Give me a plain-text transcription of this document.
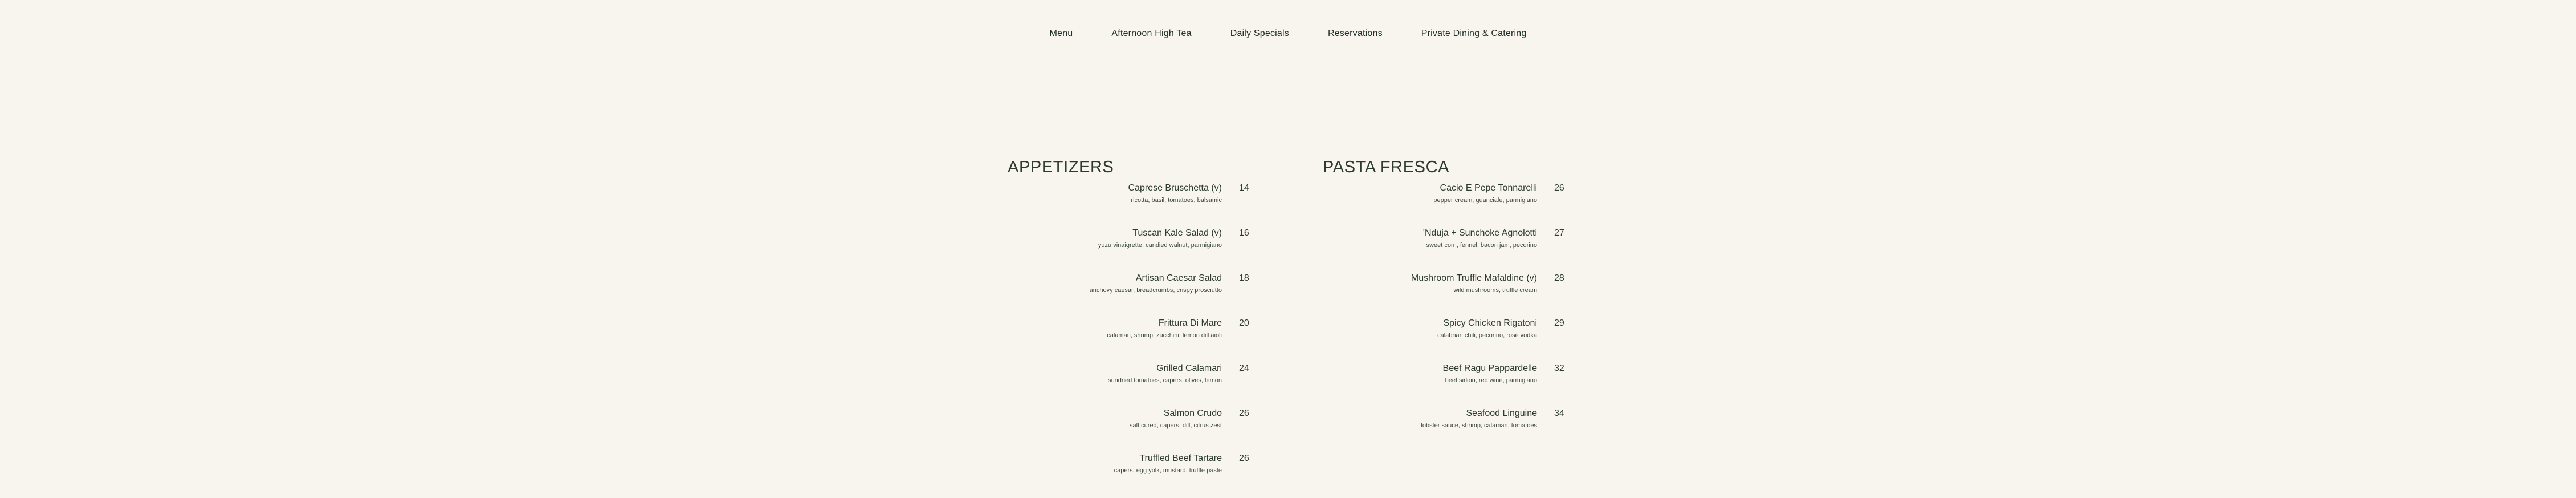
Menu	Afternoon High Tea	Daily Specials	Reservations	Private Dining & Catering
APPETIZERS
Caprese Bruschetta (v)
ricotta, basil, tomatoes, balsamic
14
Tuscan Kale Salad (v)
yuzu vinaigrette, candied walnut, parmigiano
16
Artisan Caesar Salad
anchovy caesar, breadcrumbs, crispy prosciutto
18
Frittura Di Mare
calamari, shrimp, zucchini, lemon dill aioli
20
Grilled Calamari
sundried tomatoes, capers, olives, lemon
24
Salmon Crudo
salt cured, capers, dill, citrus zest
26
Truffled Beef Tartare
capers, egg yolk, mustard, truffle paste
26
PASTA FRESCA
Cacio E Pepe Tonnarelli
pepper cream, guanciale, parmigiano
26
'Nduja + Sunchoke Agnolotti
sweet corn, fennel, bacon jam, pecorino
27
Mushroom Truffle Mafaldine (v)
wild mushrooms, truffle cream
28
Spicy Chicken Rigatoni
calabrian chili, pecorino, rosé vodka
29
Beef Ragu Pappardelle
beef sirloin, red wine, parmigiano
32
Seafood Linguine
lobster sauce, shrimp, calamari, tomatoes
34
